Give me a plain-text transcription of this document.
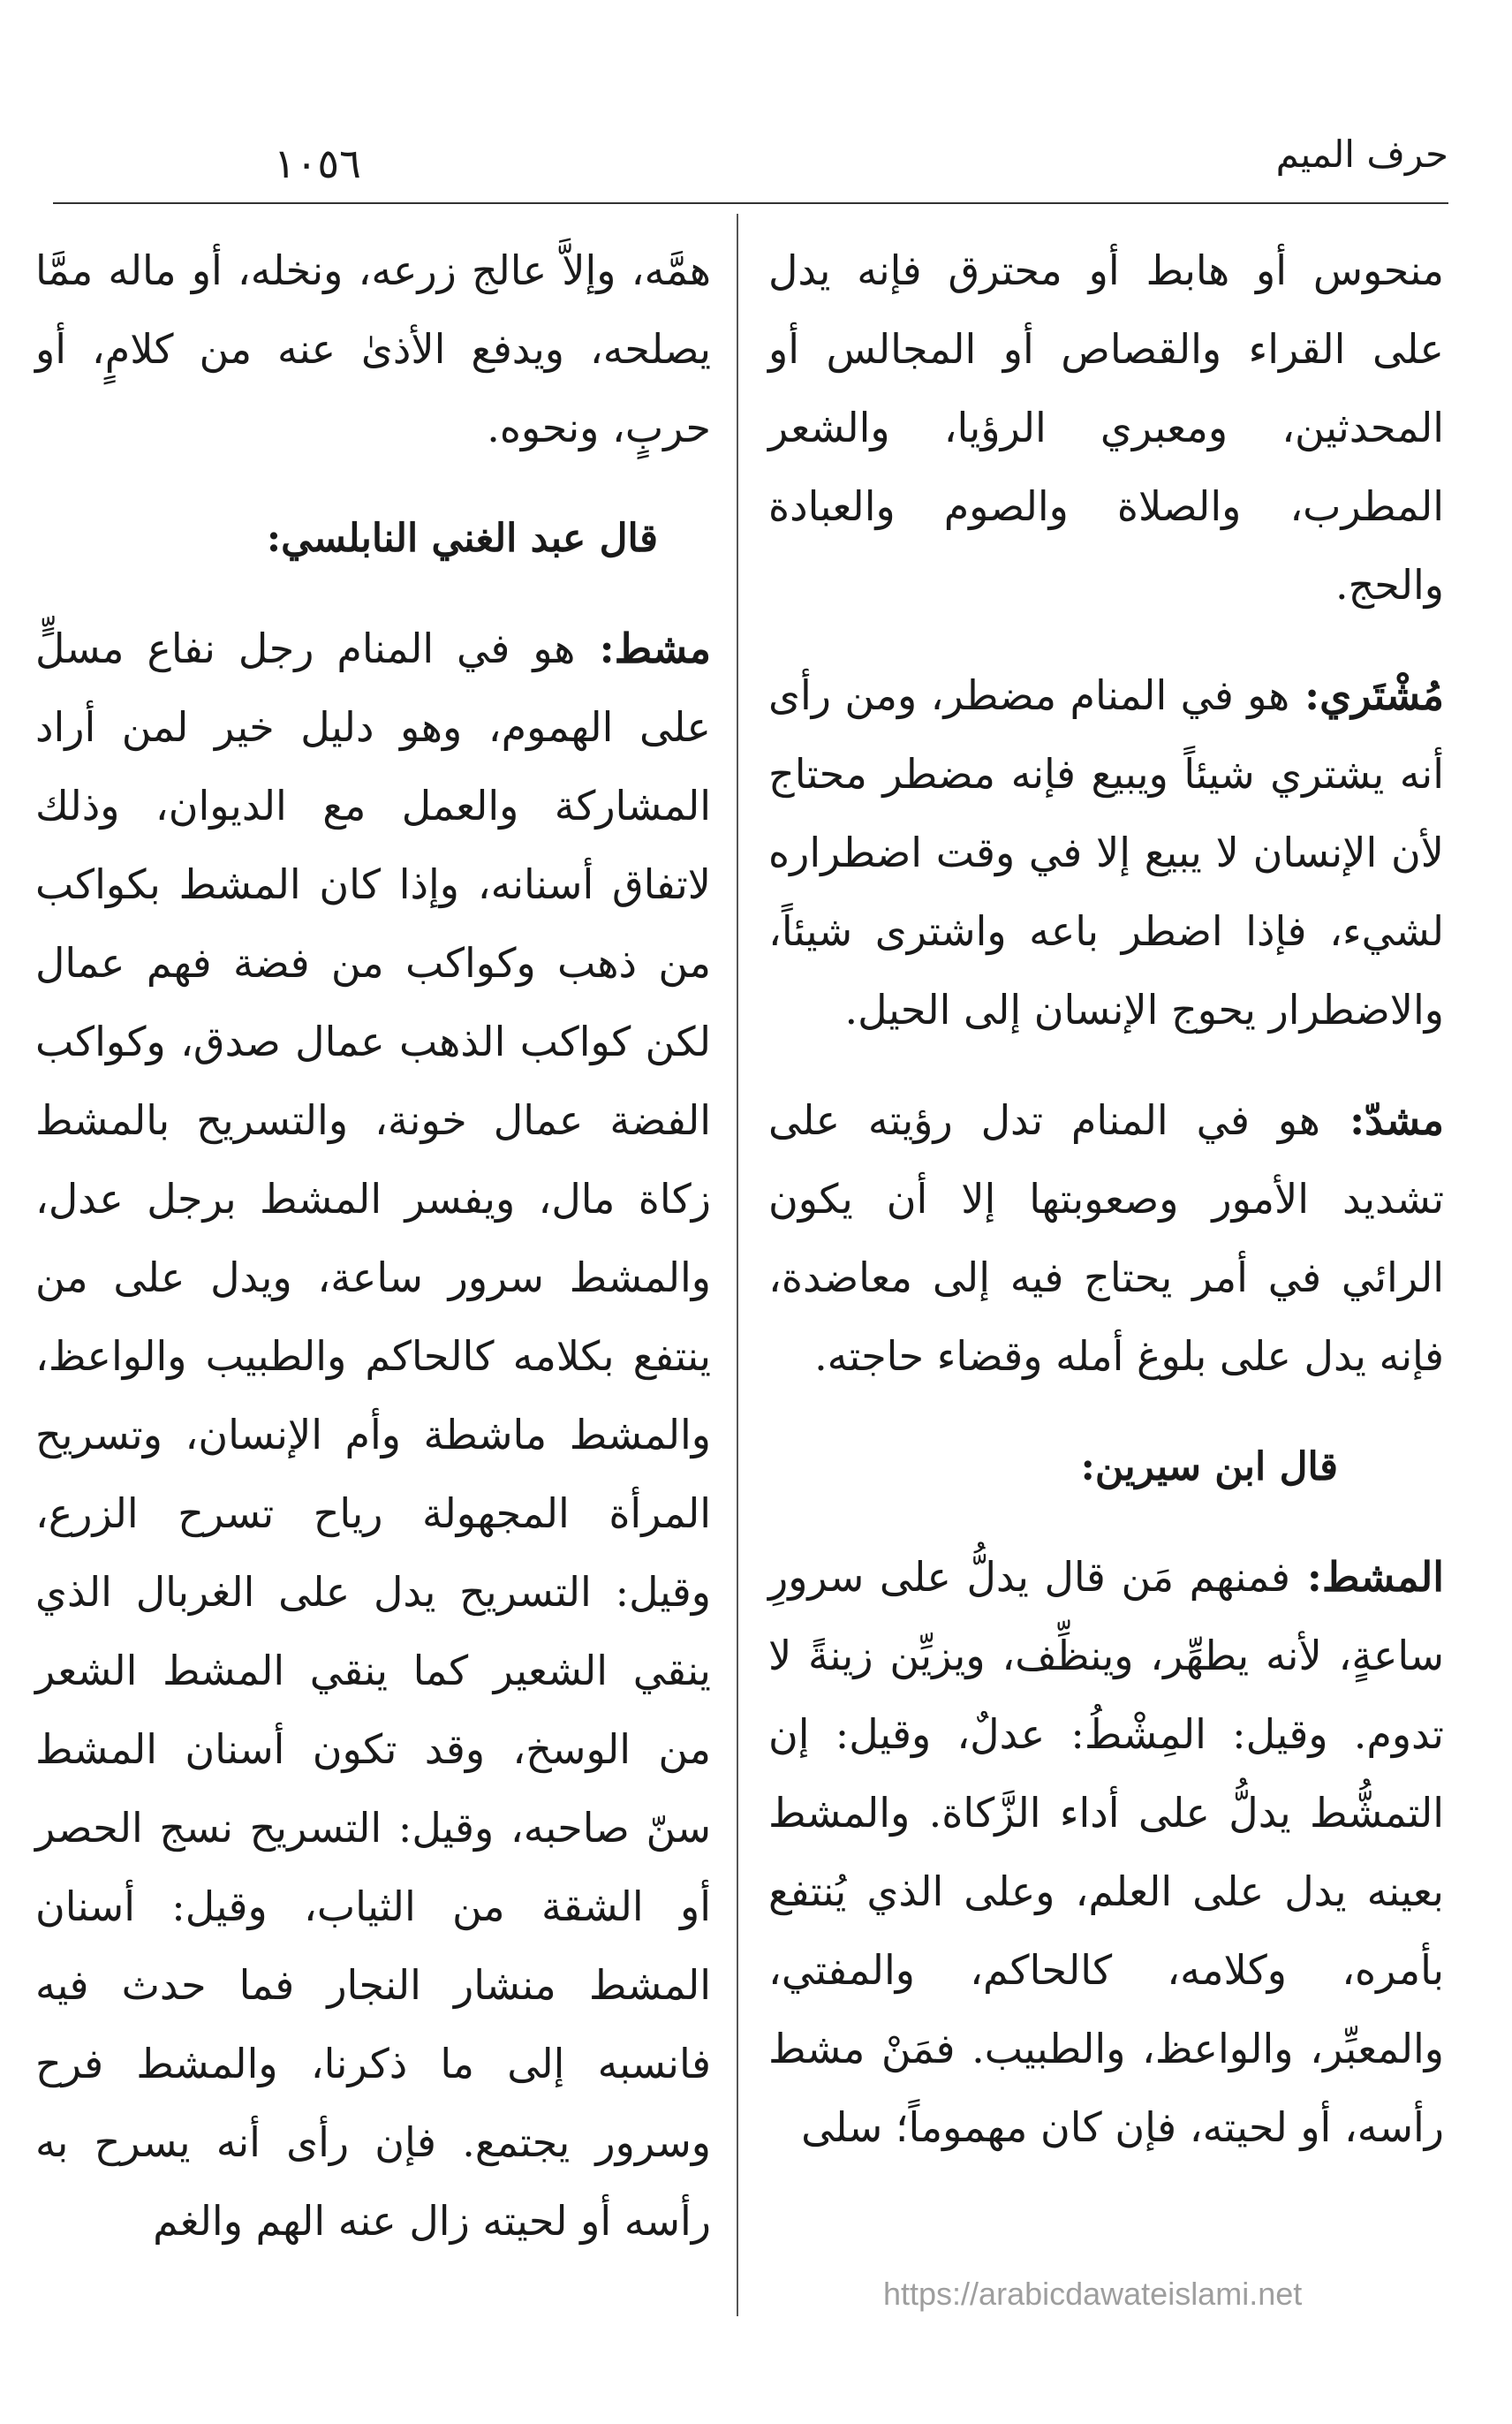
١٠٥٦	حرف الميم

منحوس أو هابط أو محترق فإنه يدل على القراء والقصاص أو المجالس أو المحدثين، ومعبري الرؤيا، والشعر المطرب، والصلاة والصوم والعبادة والحج.

مُشْتَري: هو في المنام مضطر، ومن رأى أنه يشتري شيئاً ويبيع فإنه مضطر محتاج لأن الإنسان لا يبيع إلا في وقت اضطراره لشيء، فإذا اضطر باعه واشترى شيئاً، والاضطرار يحوج الإنسان إلى الحيل.

مشدّ: هو في المنام تدل رؤيته على تشديد الأمور وصعوبتها إلا أن يكون الرائي في أمر يحتاج فيه إلى معاضدة، فإنه يدل على بلوغ أمله وقضاء حاجته.

قال ابن سيرين:

المشط: فمنهم مَن قال يدلُّ على سرورِ ساعةٍ، لأنه يطهِّر، وينظِّف، ويزيِّن زينةً لا تدوم. وقيل: المِشْطُ: عدلٌ، وقيل: إن التمشُّط يدلُّ على أداء الزَّكاة. والمشط بعينه يدل على العلم، وعلى الذي يُنتفع بأمره، وكلامه، كالحاكم، والمفتي، والمعبِّر، والواعظ، والطبيب. فمَنْ مشط رأسه، أو لحيته، فإن كان مهموماً؛ سلى

همَّه، وإلاَّ عالج زرعه، ونخله، أو ماله ممَّا يصلحه، ويدفع الأذىٰ عنه من كلامٍ، أو حربٍ، ونحوه.

قال عبد الغني النابلسي:

مشط: هو في المنام رجل نفاع مسلٍّ على الهموم، وهو دليل خير لمن أراد المشاركة والعمل مع الديوان، وذلك لاتفاق أسنانه، وإذا كان المشط بكواكب من ذهب وكواكب من فضة فهم عمال لكن كواكب الذهب عمال صدق، وكواكب الفضة عمال خونة، والتسريح بالمشط زكاة مال، ويفسر المشط برجل عدل، والمشط سرور ساعة، ويدل على من ينتفع بكلامه كالحاكم والطبيب والواعظ، والمشط ماشطة وأم الإنسان، وتسريح المرأة المجهولة رياح تسرح الزرع، وقيل: التسريح يدل على الغربال الذي ينقي الشعير كما ينقي المشط الشعر من الوسخ، وقد تكون أسنان المشط سنّ صاحبه، وقيل: التسريح نسج الحصر أو الشقة من الثياب، وقيل: أسنان المشط منشار النجار فما حدث فيه فانسبه إلى ما ذكرنا، والمشط فرح وسرور يجتمع. فإن رأى أنه يسرح به رأسه أو لحيته زال عنه الهم والغم

https://arabicdawateislami.net
